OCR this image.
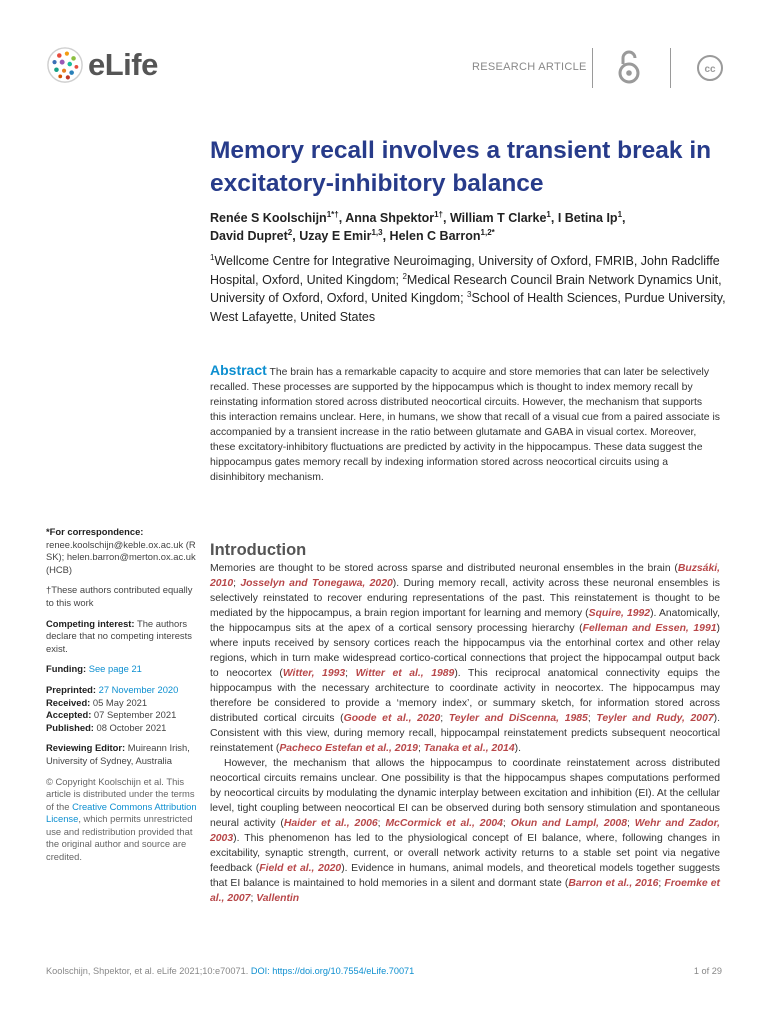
eLife	RESEARCH ARTICLE	cc
Memory recall involves a transient break in excitatory-inhibitory balance
Renée S Koolschijn$^{1*\dagger}$, Anna Shpektor$^{1\dagger}$, William T Clarke$^1$, I Betina Ip$^1$,
David Dupret$^2$, Uzay E Emir$^{1,3}$, Helen C Barron$^{1,2*}$
$^1$Wellcome Centre for Integrative Neuroimaging, University of Oxford, FMRIB, John Radcliffe Hospital, Oxford, United Kingdom; $^2$Medical Research Council Brain Network Dynamics Unit, University of Oxford, Oxford, United Kingdom; $^3$School of Health Sciences, Purdue University, West Lafayette, United States
Abstract The brain has a remarkable capacity to acquire and store memories that can later be selectively recalled. These processes are supported by the hippocampus which is thought to index memory recall by reinstating information stored across distributed neocortical circuits. However, the mechanism that supports this interaction remains unclear. Here, in humans, we show that recall of a visual cue from a paired associate is accompanied by a transient increase in the ratio between glutamate and GABA in visual cortex. Moreover, these excitatory-inhibitory fluctuations are predicted by activity in the hippocampus. These data suggest the hippocampus gates memory recall by indexing information stored across neocortical circuits using a disinhibitory mechanism.
*For correspondence:
renee.koolschijn@keble.ox.ac.uk (RSK); helen.barron@merton.ox.ac.uk (HCB)
†These authors contributed equally to this work
Competing interest: The authors declare that no competing interests exist.
Funding: See page 21
Preprinted: 27 November 2020
Received: 05 May 2021
Accepted: 07 September 2021
Published: 08 October 2021
Reviewing Editor: Muireann Irish, University of Sydney, Australia
© Copyright Koolschijn et al. This article is distributed under the terms of the Creative Commons Attribution License, which permits unrestricted use and redistribution provided that the original author and source are credited.
Introduction

Memories are thought to be stored across sparse and distributed neuronal ensembles in the brain (Buzsáki, 2010; Josselyn and Tonegawa, 2020). During memory recall, activity across these neuronal ensembles is selectively reinstated to recover enduring representations of the past. This reinstatement is thought to be mediated by the hippocampus, a brain region important for learning and memory (Squire, 1992). Anatomically, the hippocampus sits at the apex of a cortical sensory processing hierarchy (Felleman and Essen, 1991) where inputs received by sensory cortices reach the hippocampus via the entorhinal cortex and other relay regions, which in turn make widespread cortico-cortical connections that project the hippocampal output back to neocortex (Witter, 1993; Witter et al., 1989). This reciprocal anatomical connectivity equips the hippocampus with the necessary architecture to coordinate activity in neocortex. The hippocampus may therefore be considered to provide a ‘memory index’, or summary sketch, for information stored across distributed cortical circuits (Goode et al., 2020; Teyler and DiScenna, 1985; Teyler and Rudy, 2007). Consistent with this view, during memory recall, hippocampal reinstatement predicts subsequent neocortical reinstatement (Pacheco Estefan et al., 2019; Tanaka et al., 2014).

However, the mechanism that allows the hippocampus to coordinate reinstatement across distributed neocortical circuits remains unclear. One possibility is that the hippocampus shapes computations performed by neocortical circuits by modulating the dynamic interplay between excitation and inhibition (EI). At the cellular level, tight coupling between neocortical EI can be observed during both sensory stimulation and spontaneous neural activity (Haider et al., 2006; McCormick et al., 2004; Okun and Lampl, 2008; Wehr and Zador, 2003). This phenomenon has led to the physiological concept of EI balance, where, following changes in excitability, synaptic strength, current, or overall network activity returns to a stable set point via negative feedback (Field et al., 2020). Evidence in humans, animal models, and theoretical models together suggests that EI balance is maintained to hold memories in a silent and dormant state (Barron et al., 2016; Froemke et al., 2007; Vallentin

Koolschijn, Shpektor, et al. eLife 2021;10:e70071. DOI: https://doi.org/10.7554/eLife.70071	1 of 29
